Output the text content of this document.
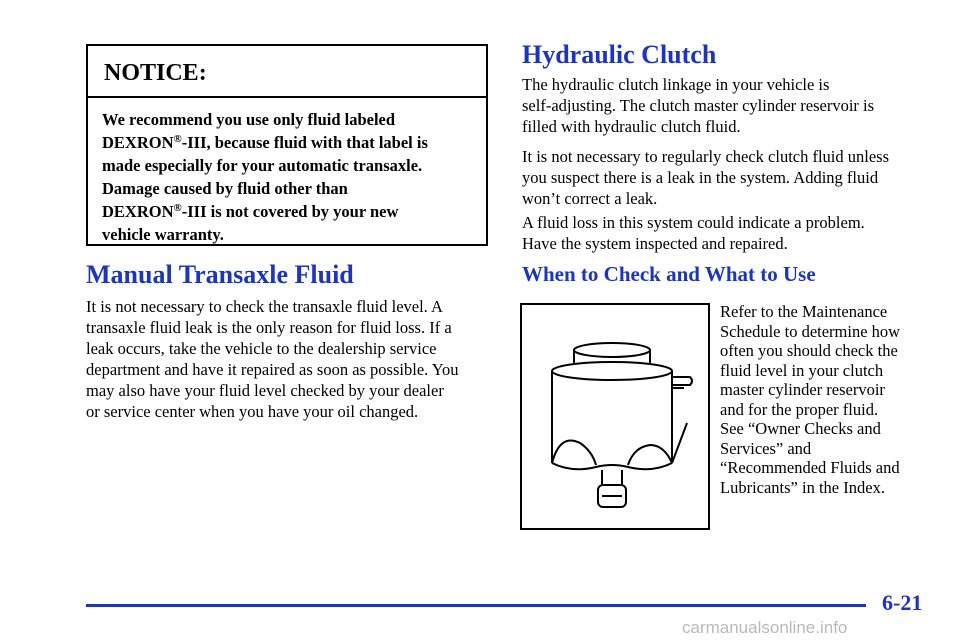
NOTICE:
We recommend you use only fluid labeled
DEXRON®-III, because fluid with that label is
made especially for your automatic transaxle.
Damage caused by fluid other than
DEXRON®-III is not covered by your new
vehicle warranty.
Manual Transaxle Fluid
It is not necessary to check the transaxle fluid level. A
transaxle fluid leak is the only reason for fluid loss. If a
leak occurs, take the vehicle to the dealership service
department and have it repaired as soon as possible. You
may also have your fluid level checked by your dealer
or service center when you have your oil changed.
Hydraulic Clutch
The hydraulic clutch linkage in your vehicle is
self-adjusting. The clutch master cylinder reservoir is
filled with hydraulic clutch fluid.
It is not necessary to regularly check clutch fluid unless
you suspect there is a leak in the system. Adding fluid
won’t correct a leak.
A fluid loss in this system could indicate a problem.
Have the system inspected and repaired.
When to Check and What to Use
Refer to the Maintenance
Schedule to determine how
often you should check the
fluid level in your clutch
master cylinder reservoir
and for the proper fluid.
See “Owner Checks and
Services” and
“Recommended Fluids and
Lubricants” in the Index.
6-21
carmanualsonline.info
